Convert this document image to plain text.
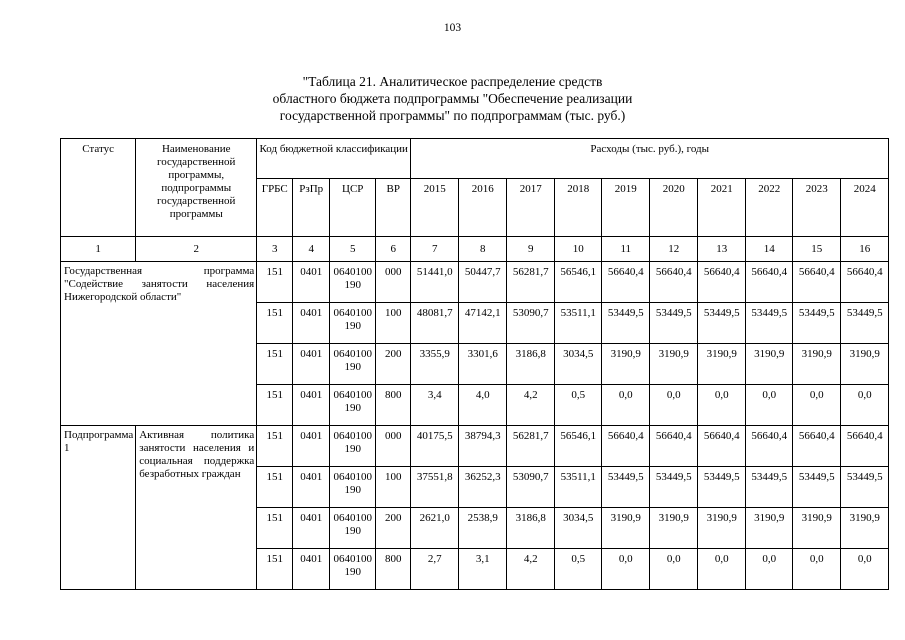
103
"Таблица 21. Аналитическое распределение средств
областного бюджета подпрограммы "Обеспечение реализации
государственной программы" по подпрограммам (тыс. руб.)
Статус	Наименование государственной программы, подпрограммы государственной программы	Код бюджетной классификации				Расходы (тыс. руб.), годы									
		ГРБС	РзПр	ЦСР	ВР	2015	2016	2017	2018	2019	2020	2021	2022	2023	2024
1	2	3	4	5	6	7	8	9	10	11	12	13	14	15	16
Государственная программа "Содействие занятости населения Нижегородской области"		151	0401	0640100190	000	51441,0	50447,7	56281,7	56546,1	56640,4	56640,4	56640,4	56640,4	56640,4	56640,4

		151	0401	0640100190	100	48081,7	47142,1	53090,7	53511,1	53449,5	53449,5	53449,5	53449,5	53449,5	53449,5

		151	0401	0640100190	200	3355,9	3301,6	3186,8	3034,5	3190,9	3190,9	3190,9	3190,9	3190,9	3190,9

		151	0401	0640100190	800	3,4	4,0	4,2	0,5	0,0	0,0	0,0	0,0	0,0	0,0

Подпрограмма 1	Активная политика занятости населения и социальная поддержка безработных граждан	151	0401	0640100190	000	40175,5	38794,3	56281,7	56546,1	56640,4	56640,4	56640,4	56640,4	56640,4	56640,4

		151	0401	0640100190	100	37551,8	36252,3	53090,7	53511,1	53449,5	53449,5	53449,5	53449,5	53449,5	53449,5

		151	0401	0640100190	200	2621,0	2538,9	3186,8	3034,5	3190,9	3190,9	3190,9	3190,9	3190,9	3190,9

		151	0401	0640100190	800	2,7	3,1	4,2	0,5	0,0	0,0	0,0	0,0	0,0	0,0
